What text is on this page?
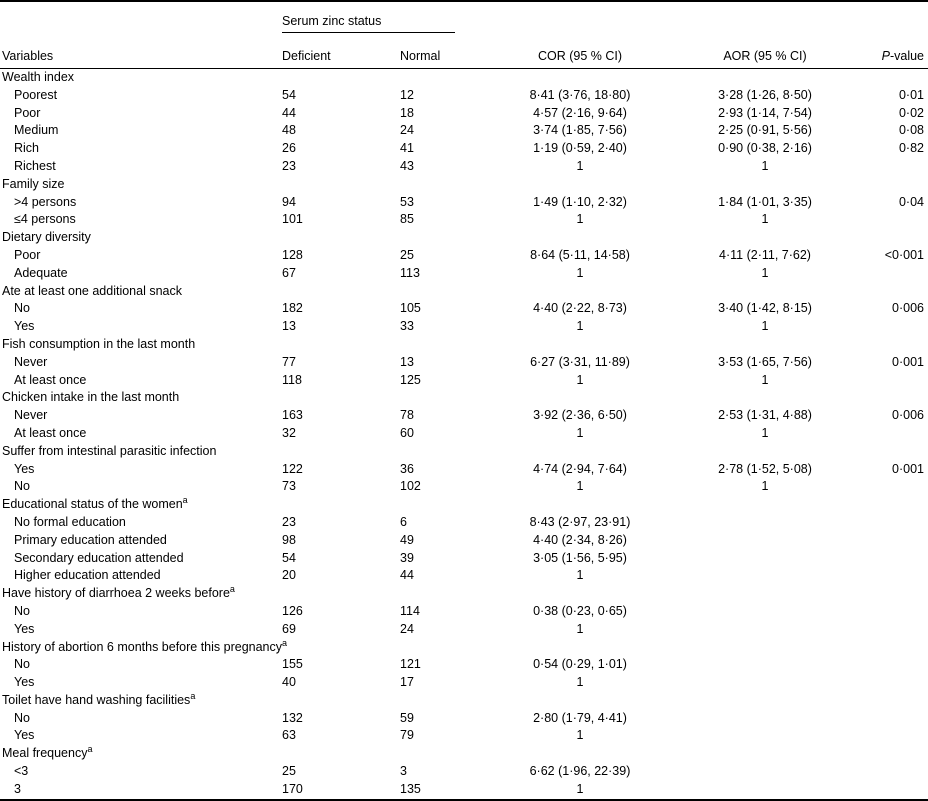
Serum zinc status
Variables	Deficient	Normal	COR (95 % CI)	AOR (95 % CI)	P-value
Wealth index
Poorest	54	12	8·41 (3·76, 18·80)	3·28 (1·26, 8·50)	0·01
Poor	44	18	4·57 (2·16, 9·64)	2·93 (1·14, 7·54)	0·02
Medium	48	24	3·74 (1·85, 7·56)	2·25 (0·91, 5·56)	0·08
Rich	26	41	1·19 (0·59, 2·40)	0·90 (0·38, 2·16)	0·82
Richest	23	43	1	1
Family size
>4 persons	94	53	1·49 (1·10, 2·32)	1·84 (1·01, 3·35)	0·04
≤4 persons	101	85	1	1
Dietary diversity
Poor	128	25	8·64 (5·11, 14·58)	4·11 (2·11, 7·62)	<0·001
Adequate	67	113	1	1
Ate at least one additional snack
No	182	105	4·40 (2·22, 8·73)	3·40 (1·42, 8·15)	0·006
Yes	13	33	1	1
Fish consumption in the last month
Never	77	13	6·27 (3·31, 11·89)	3·53 (1·65, 7·56)	0·001
At least once	118	125	1	1
Chicken intake in the last month
Never	163	78	3·92 (2·36, 6·50)	2·53 (1·31, 4·88)	0·006
At least once	32	60	1	1
Suffer from intestinal parasitic infection
Yes	122	36	4·74 (2·94, 7·64)	2·78 (1·52, 5·08)	0·001
No	73	102	1	1
Educational status of the women$^a$
No formal education	23	6	8·43 (2·97, 23·91)
Primary education attended	98	49	4·40 (2·34, 8·26)
Secondary education attended	54	39	3·05 (1·56, 5·95)
Higher education attended	20	44	1
Have history of diarrhoea 2 weeks before$^a$
No	126	114	0·38 (0·23, 0·65)
Yes	69	24	1
History of abortion 6 months before this pregnancy$^a$
No	155	121	0·54 (0·29, 1·01)
Yes	40	17	1
Toilet have hand washing facilities$^a$
No	132	59	2·80 (1·79, 4·41)
Yes	63	79	1
Meal frequency$^a$
<3	25	3	6·62 (1·96, 22·39)
3	170	135	1
